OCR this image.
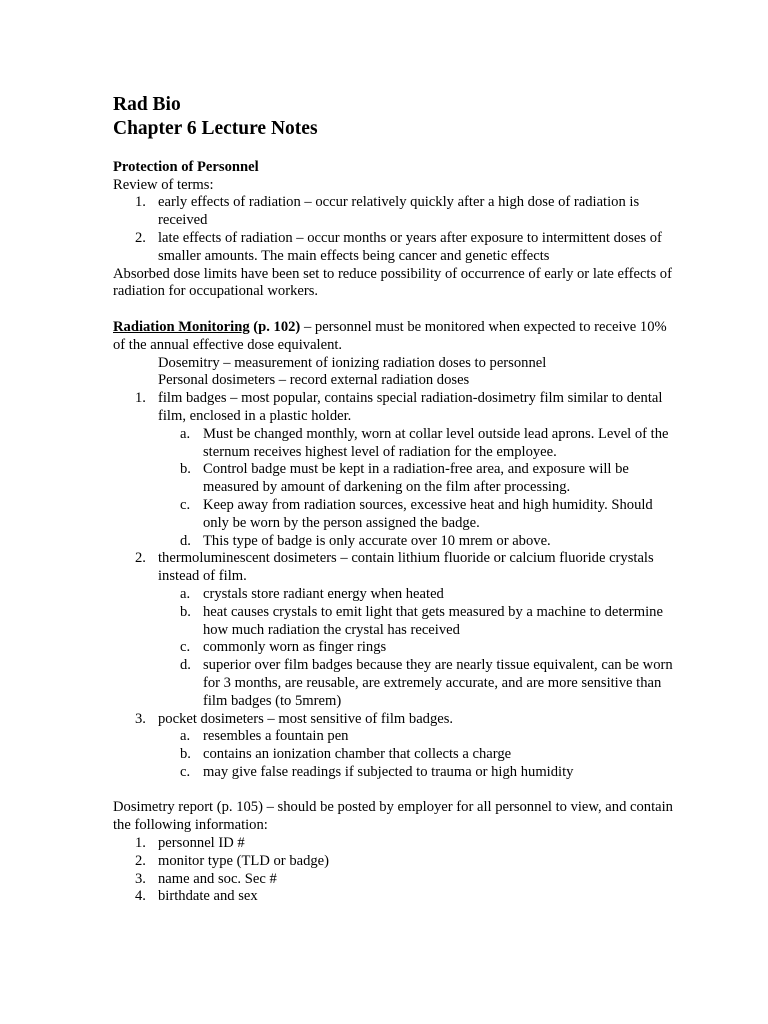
Rad Bio
Chapter 6 Lecture Notes
Protection of Personnel
Review of terms:
1. early effects of radiation – occur relatively quickly after a high dose of radiation is received
2. late effects of radiation – occur months or years after exposure to intermittent doses of smaller amounts. The main effects being cancer and genetic effects
Absorbed dose limits have been set to reduce possibility of occurrence of early or late effects of radiation for occupational workers.
Radiation Monitoring (p. 102) – personnel must be monitored when expected to receive 10% of the annual effective dose equivalent.
Dosemitry – measurement of ionizing radiation doses to personnel
Personal dosimeters – record external radiation doses
1. film badges – most popular, contains special radiation-dosimetry film similar to dental film, enclosed in a plastic holder.
a. Must be changed monthly, worn at collar level outside lead aprons. Level of the sternum receives highest level of radiation for the employee.
b. Control badge must be kept in a radiation-free area, and exposure will be measured by amount of darkening on the film after processing.
c. Keep away from radiation sources, excessive heat and high humidity. Should only be worn by the person assigned the badge.
d. This type of badge is only accurate over 10 mrem or above.
2. thermoluminescent dosimeters – contain lithium fluoride or calcium fluoride crystals instead of film.
a. crystals store radiant energy when heated
b. heat causes crystals to emit light that gets measured by a machine to determine how much radiation the crystal has received
c. commonly worn as finger rings
d. superior over film badges because they are nearly tissue equivalent, can be worn for 3 months, are reusable, are extremely accurate, and are more sensitive than film badges (to 5mrem)
3. pocket dosimeters – most sensitive of film badges.
a. resembles a fountain pen
b. contains an ionization chamber that collects a charge
c. may give false readings if subjected to trauma or high humidity
Dosimetry report (p. 105) – should be posted by employer for all personnel to view, and contain the following information:
1. personnel ID #
2. monitor type (TLD or badge)
3. name and soc. Sec #
4. birthdate and sex
